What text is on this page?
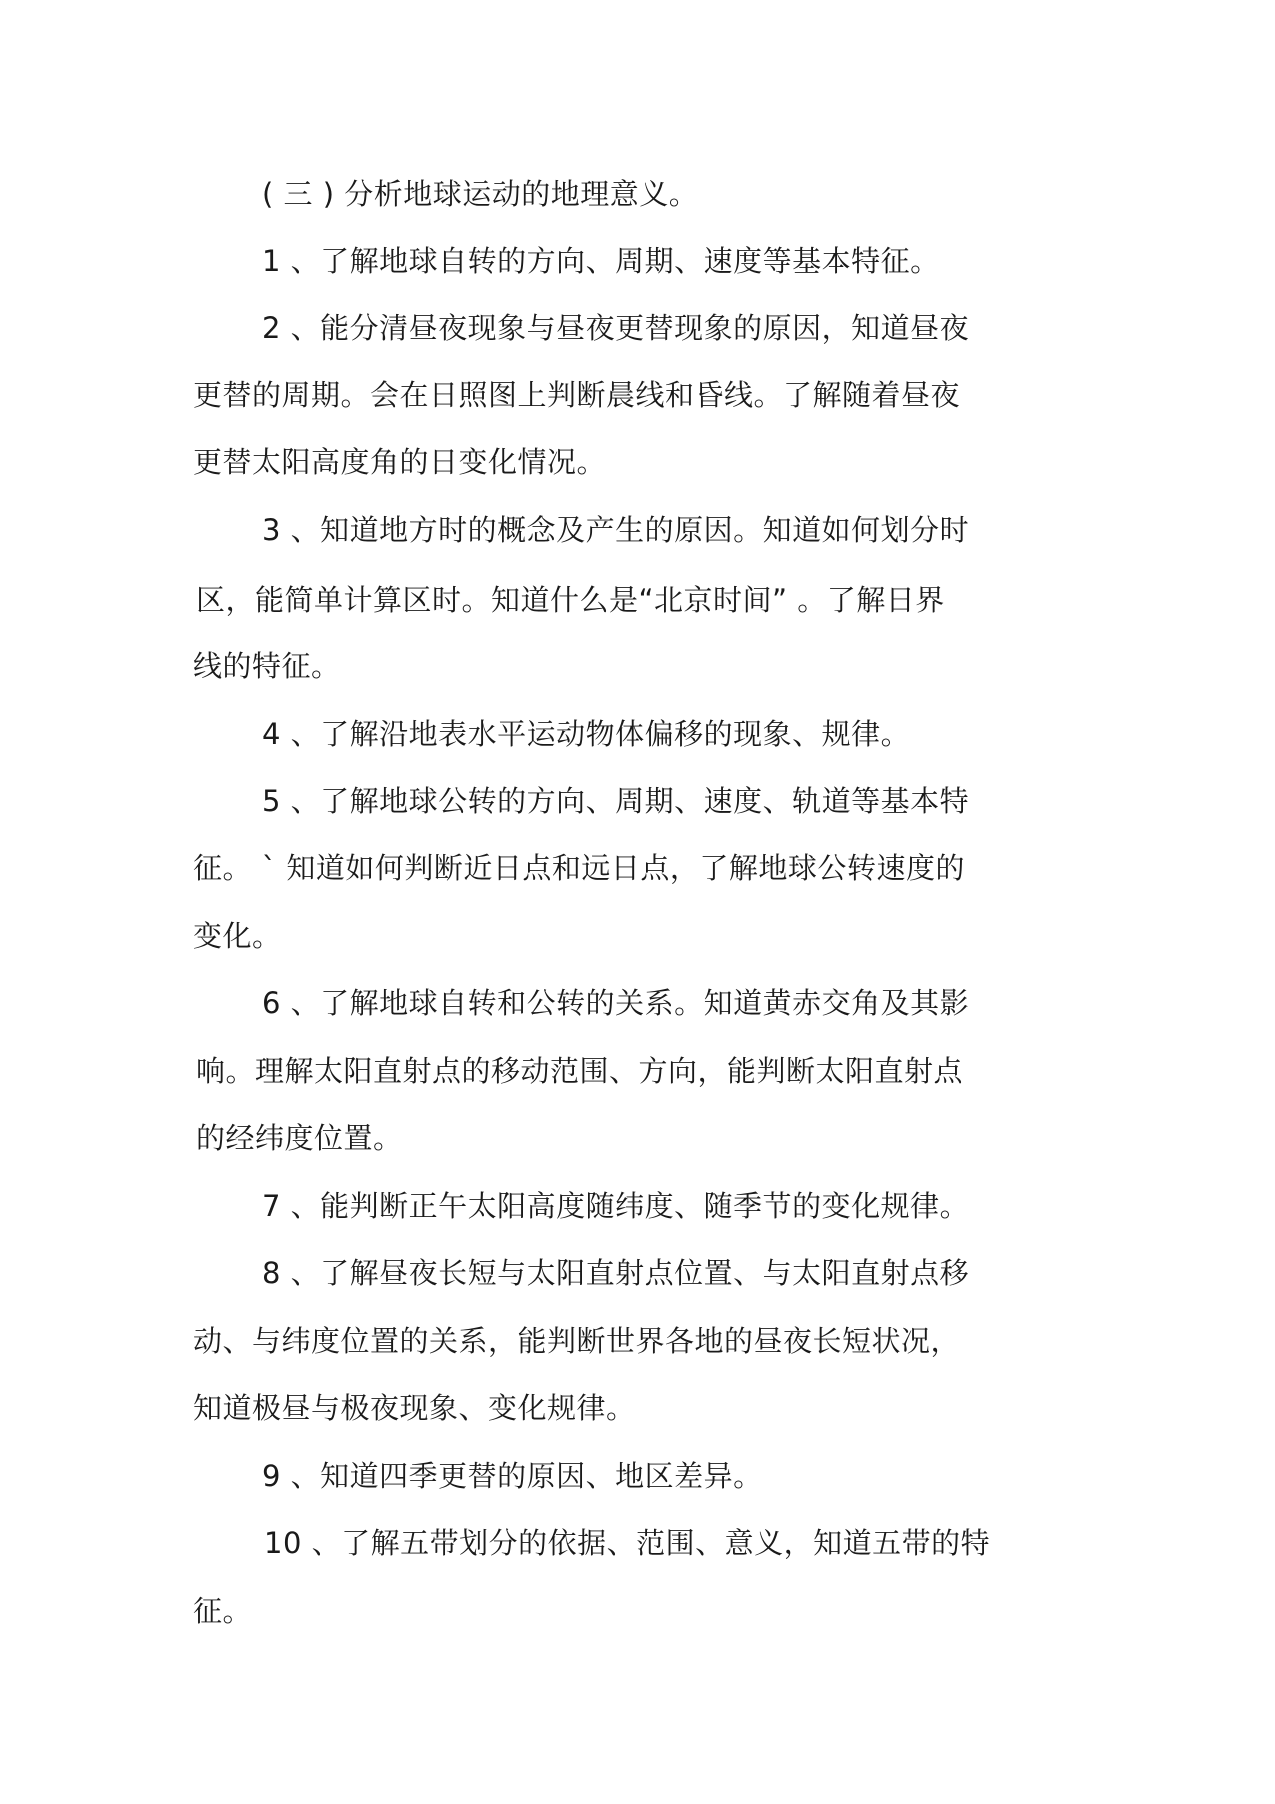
( 三 ) 分析地球运动的地理意义。
1 、了解地球自转的方向、周期、速度等基本特征。
2 、能分清昼夜现象与昼夜更替现象的原因，知道昼夜
更替的周期。会在日照图上判断晨线和昏线。了解随着昼夜
更替太阳高度角的日变化情况。
3 、知道地方时的概念及产生的原因。知道如何划分时
区，能简单计算区时。知道什么是“北京时间” 。了解日界
线的特征。
4 、了解沿地表水平运动物体偏移的现象、规律。
5 、了解地球公转的方向、周期、速度、轨道等基本特
征。 ` 知道如何判断近日点和远日点，了解地球公转速度的
变化。
6 、了解地球自转和公转的关系。知道黄赤交角及其影
响。理解太阳直射点的移动范围、方向，能判断太阳直射点
的经纬度位置。
7 、能判断正午太阳高度随纬度、随季节的变化规律。
8 、了解昼夜长短与太阳直射点位置、与太阳直射点移
动、与纬度位置的关系，能判断世界各地的昼夜长短状况，
知道极昼与极夜现象、变化规律。
9 、知道四季更替的原因、地区差异。
10 、了解五带划分的依据、范围、意义，知道五带的特
征。
